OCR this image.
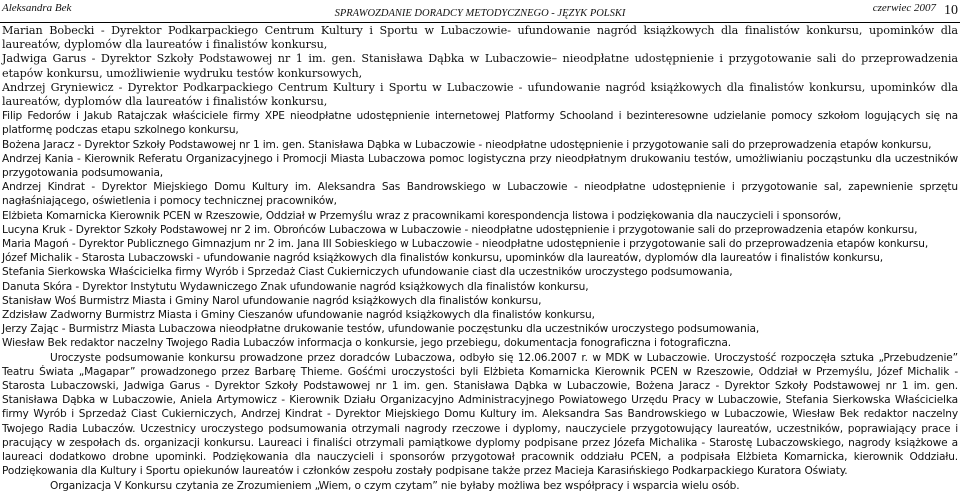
Aleksandra Bek	SPRAWOZDANIE DORADCY METODYCZNEGO - JĘZYK POLSKI	czerwiec 2007 10

Marian Bobecki - Dyrektor Podkarpackiego Centrum Kultury i Sportu w Lubaczowie- ufundowanie nagród książkowych dla finalistów konkursu, upominków dla laureatów, dyplomów dla laureatów i finalistów konkursu,

Jadwiga Garus - Dyrektor Szkoły Podstawowej nr 1 im. gen. Stanisława Dąbka w Lubaczowie– nieodpłatne udostępnienie i przygotowanie sali do przeprowadzenia etapów konkursu, umożliwienie wydruku testów konkursowych,

Andrzej Gryniewicz - Dyrektor Podkarpackiego Centrum Kultury i Sportu w Lubaczowie - ufundowanie nagród książkowych dla finalistów konkursu, upominków dla laureatów, dyplomów dla laureatów i finalistów konkursu,

Filip Fedorów i Jakub Ratajczak właściciele firmy XPE nieodpłatne udostępnienie internetowej Platformy Schooland i bezinteresowne udzielanie pomocy szkołom logujących się na platformę podczas etapu szkolnego konkursu,

Bożena Jaracz - Dyrektor Szkoły Podstawowej nr 1 im. gen. Stanisława Dąbka w Lubaczowie - nieodpłatne udostępnienie i przygotowanie sali do przeprowadzenia etapów konkursu,

Andrzej Kania - Kierownik Referatu Organizacyjnego i Promocji Miasta Lubaczowa pomoc logistyczna przy nieodpłatnym drukowaniu testów, umożliwianiu począstunku dla uczestników przygotowania podsumowania,

Andrzej Kindrat - Dyrektor Miejskiego Domu Kultury im. Aleksandra Sas Bandrowskiego w Lubaczowie - nieodpłatne udostępnienie i przygotowanie sal, zapewnienie sprzętu nagłaśniającego, oświetlenia i pomocy technicznej pracowników,

Elżbieta Komarnicka Kierownik PCEN w Rzeszowie, Oddział w Przemyślu wraz z pracownikami korespondencja listowa i podziękowania dla nauczycieli i sponsorów,

Lucyna Kruk - Dyrektor Szkoły Podstawowej nr 2 im. Obrońców Lubaczowa w Lubaczowie - nieodpłatne udostępnienie i przygotowanie sali do przeprowadzenia etapów konkursu,

Maria Magoń - Dyrektor Publicznego Gimnazjum nr 2 im. Jana III Sobieskiego w Lubaczowie - nieodpłatne udostępnienie i przygotowanie sali do przeprowadzenia etapów konkursu,

Józef Michalik - Starosta Lubaczowski - ufundowanie nagród książkowych dla finalistów konkursu, upominków dla laureatów, dyplomów dla laureatów i finalistów konkursu,

Stefania Sierkowska Właścicielka firmy Wyrób i Sprzedaż Ciast Cukierniczych ufundowanie ciast dla uczestników uroczystego podsumowania,

Danuta Skóra - Dyrektor Instytutu Wydawniczego Znak ufundowanie nagród książkowych dla finalistów konkursu,

Stanisław Woś Burmistrz Miasta i Gminy Narol ufundowanie nagród książkowych dla finalistów konkursu,

Zdzisław Zadworny Burmistrz Miasta i Gminy Cieszanów ufundowanie nagród książkowych dla finalistów konkursu,

Jerzy Zając - Burmistrz Miasta Lubaczowa nieodpłatne drukowanie testów, ufundowanie poczęstunku dla uczestników uroczystego podsumowania,

Wiesław Bek redaktor naczelny Twojego Radia Lubaczów informacja o konkursie, jego przebiegu, dokumentacja fonograficzna i fotograficzna.

Uroczyste podsumowanie konkursu prowadzone przez doradców Lubaczowa, odbyło się 12.06.2007 r. w MDK w Lubaczowie. Uroczystość rozpoczęła sztuka „Przebudzenie” Teatru Świata „Magapar” prowadzonego przez Barbarę Thieme. Gośćmi uroczystości byli Elżbieta Komarnicka Kierownik PCEN w Rzeszowie, Oddział w Przemyślu, Józef Michalik - Starosta Lubaczowski, Jadwiga Garus - Dyrektor Szkoły Podstawowej nr 1 im. gen. Stanisława Dąbka w Lubaczowie, Bożena Jaracz - Dyrektor Szkoły Podstawowej nr 1 im. gen. Stanisława Dąbka w Lubaczowie, Aniela Artymowicz - Kierownik Działu Organizacyjno Administracyjnego Powiatowego Urzędu Pracy w Lubaczowie, Stefania Sierkowska Właścicielka firmy Wyrób i Sprzedaż Ciast Cukierniczych, Andrzej Kindrat - Dyrektor Miejskiego Domu Kultury im. Aleksandra Sas Bandrowskiego w Lubaczowie, Wiesław Bek redaktor naczelny Twojego Radia Lubaczów. Uczestnicy uroczystego podsumowania otrzymali nagrody rzeczowe i dyplomy, nauczyciele przygotowujący laureatów, uczestników, poprawiający prace i pracujący w zespołach ds. organizacji konkursu. Laureaci i finaliści otrzymali pamiątkowe dyplomy podpisane przez Józefa Michalika - Starostę Lubaczowskiego, nagrody książkowe a laureaci dodatkowo drobne upominki. Podziękowania dla nauczycieli i sponsorów przygotował pracownik oddziału PCEN, a podpisała Elżbieta Komarnicka, kierownik Oddziału. Podziękowania dla Kultury i Sportu opiekunów laureatów i członków zespołu zostały podpisane także przez Macieja Karasińskiego Podkarpackiego Kuratora Oświaty.

Organizacja V Konkursu czytania ze Zrozumieniem „Wiem, o czym czytam” nie byłaby możliwa bez współpracy i wsparcia wielu osób.
